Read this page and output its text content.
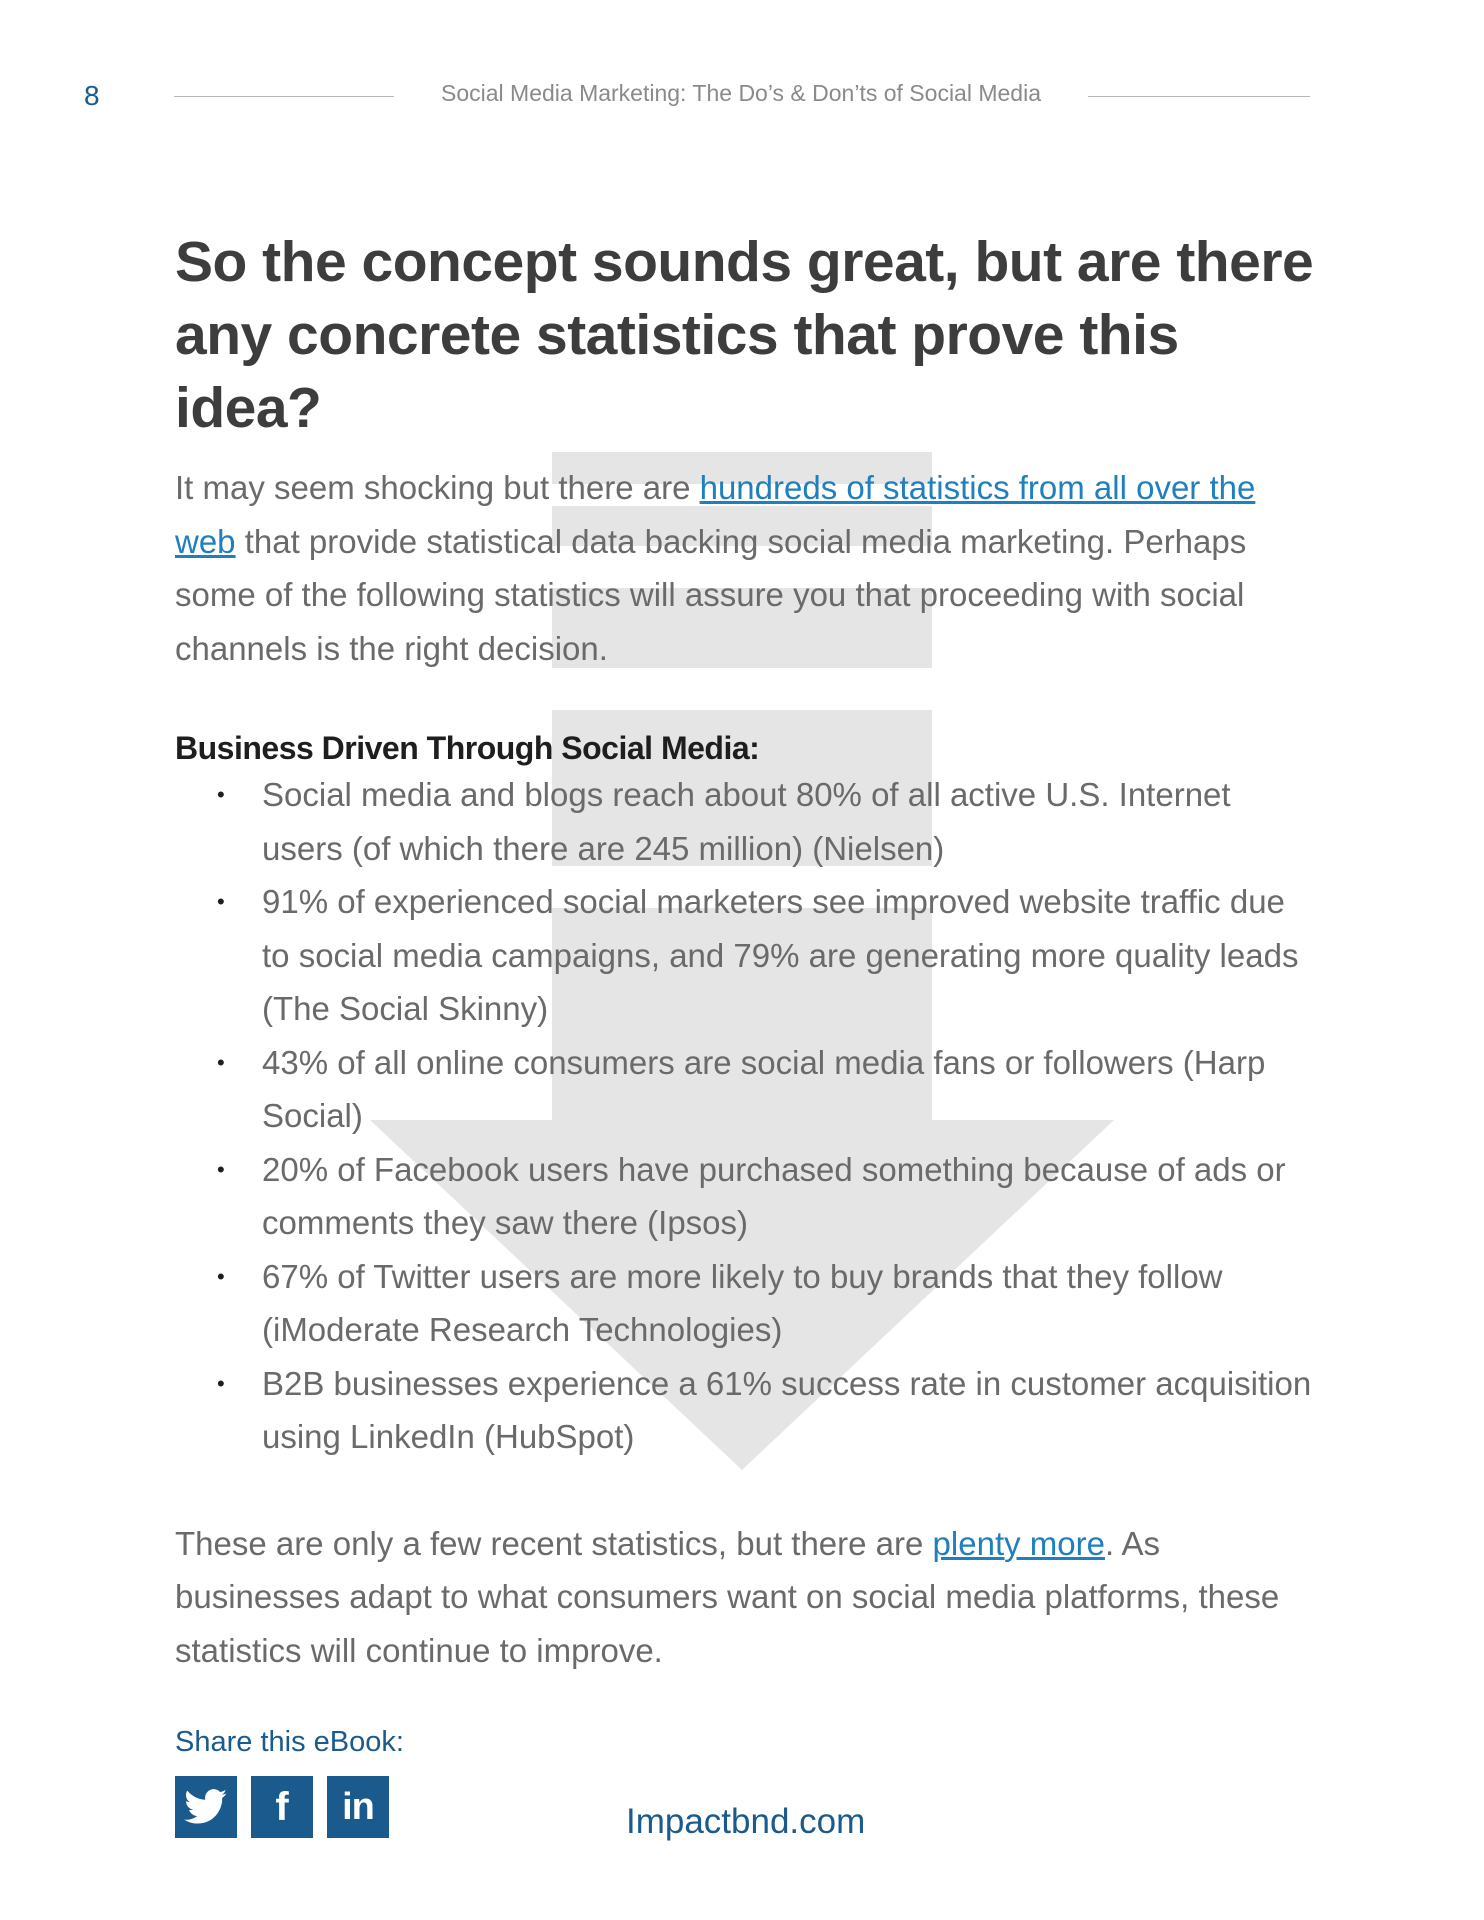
8	Social Media Marketing: The Do’s & Don’ts of Social Media
So the concept sounds great, but are there any concrete statistics that prove this idea?

It may seem shocking but there are hundreds of statistics from all over the web that provide statistical data backing social media marketing. Perhaps some of the following statistics will assure you that proceeding with social channels is the right decision.

Business Driven Through Social Media:
• Social media and blogs reach about 80% of all active U.S. Internet users (of which there are 245 million) (Nielsen)
• 91% of experienced social marketers see improved website traffic due to social media campaigns, and 79% are generating more quality leads (The Social Skinny)
• 43% of all online consumers are social media fans or followers (Harp Social)
• 20% of Facebook users have purchased something because of ads or comments they saw there (Ipsos)
• 67% of Twitter users are more likely to buy brands that they follow (iModerate Research Technologies)
• B2B businesses experience a 61% success rate in customer acquisition using LinkedIn (HubSpot)

These are only a few recent statistics, but there are plenty more. As businesses adapt to what consumers want on social media platforms, these statistics will continue to improve.

Share this eBook:
f in	Impactbnd.com
